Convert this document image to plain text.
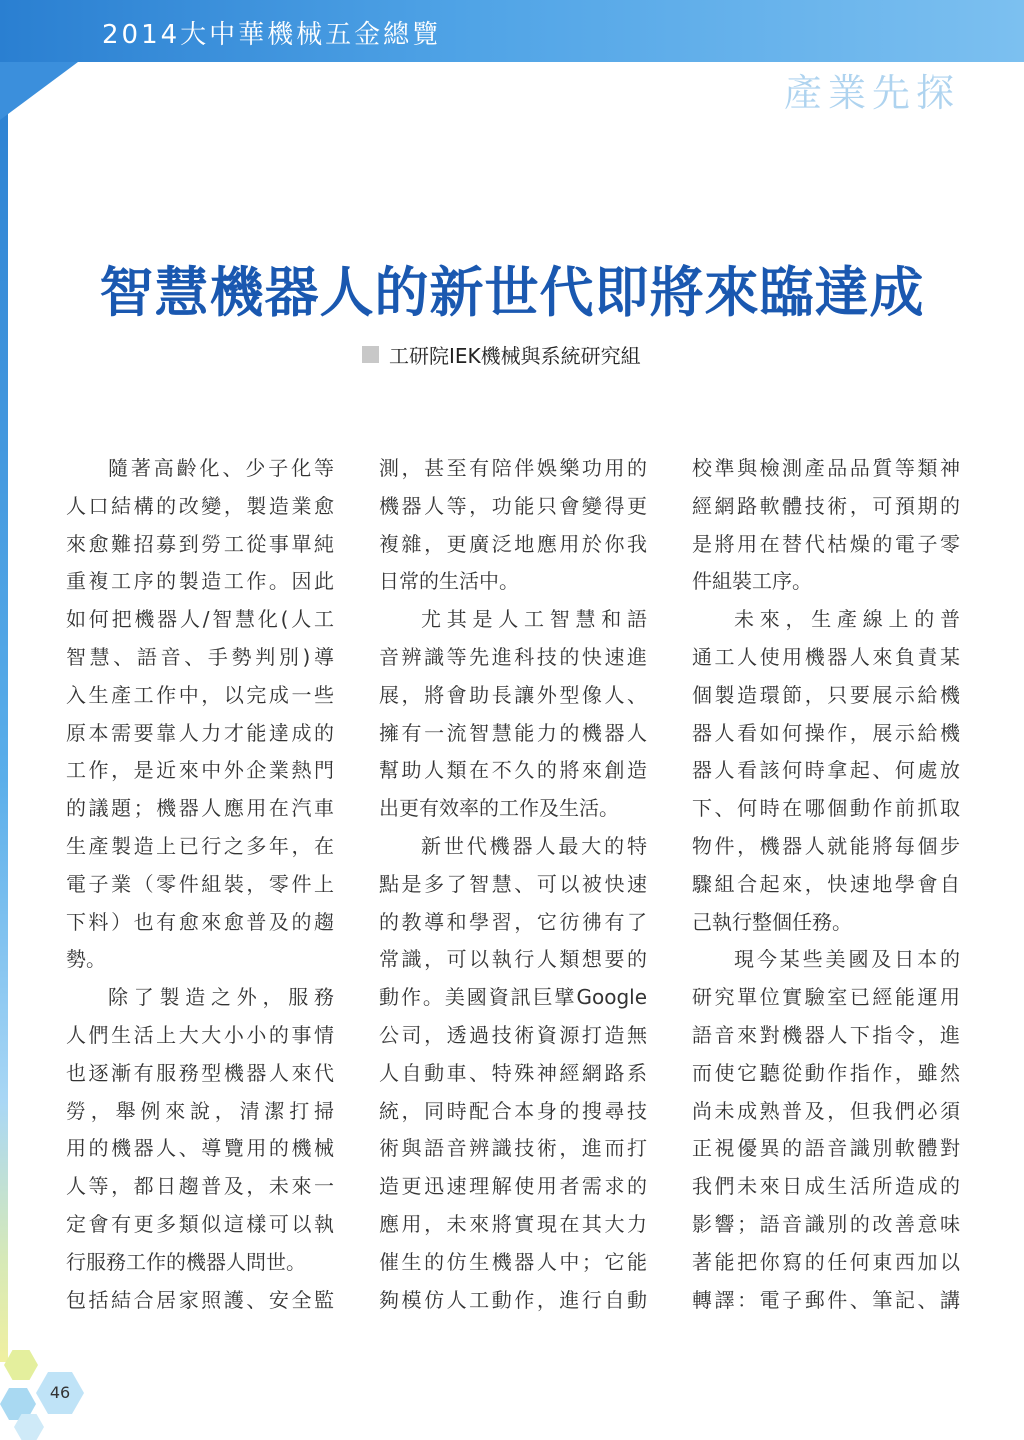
2014大中華機械五金總覽
產業先探
智慧機器人的新世代即將來臨達成
工研院IEK機械與系統研究組
隨著高齡化、少子化等
人口結構的改變，製造業愈
來愈難招募到勞工從事單純
重複工序的製造工作。因此
如何把機器人/智慧化(人工
智慧、語音、手勢判別)導
入生產工作中，以完成一些
原本需要靠人力才能達成的
工作，是近來中外企業熱門
的議題；機器人應用在汽車
生產製造上已行之多年，在
電子業（零件組裝，零件上
下料）也有愈來愈普及的趨
勢。
除了製造之外，服務
人們生活上大大小小的事情
也逐漸有服務型機器人來代
勞，舉例來說，清潔打掃
用的機器人、導覽用的機械
人等，都日趨普及，未來一
定會有更多類似這樣可以執
行服務工作的機器人問世。
包括結合居家照護、安全監
測，甚至有陪伴娛樂功用的
機器人等，功能只會變得更
複雜，更廣泛地應用於你我
日常的生活中。
尤其是人工智慧和語
音辨識等先進科技的快速進
展，將會助長讓外型像人、
擁有一流智慧能力的機器人
幫助人類在不久的將來創造
出更有效率的工作及生活。
新世代機器人最大的特
點是多了智慧、可以被快速
的教導和學習，它彷彿有了
常識，可以執行人類想要的
動作。美國資訊巨擘Google
公司，透過技術資源打造無
人自動車、特殊神經網路系
統，同時配合本身的搜尋技
術與語音辨識技術，進而打
造更迅速理解使用者需求的
應用，未來將實現在其大力
催生的仿生機器人中；它能
夠模仿人工動作，進行自動
校準與檢測產品品質等類神
經網路軟體技術，可預期的
是將用在替代枯燥的電子零
件組裝工序。
未來，生產線上的普
通工人使用機器人來負責某
個製造環節，只要展示給機
器人看如何操作，展示給機
器人看該何時拿起、何處放
下、何時在哪個動作前抓取
物件，機器人就能將每個步
驟組合起來，快速地學會自
己執行整個任務。
現今某些美國及日本的
研究單位實驗室已經能運用
語音來對機器人下指令，進
而使它聽從動作指作，雖然
尚未成熟普及，但我們必須
正視優異的語音識別軟體對
我們未來日成生活所造成的
影響；語音識別的改善意味
著能把你寫的任何東西加以
轉譯：電子郵件、筆記、講
46
